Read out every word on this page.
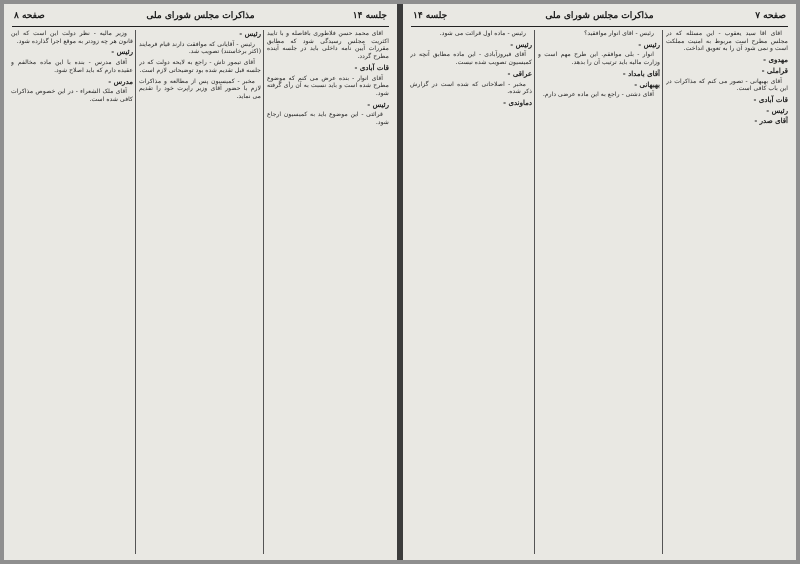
جلسه ۱۴
مذاکرات مجلس شورای ملی
صفحه ۸

آقای محمد حسن فلاطوری بافاصله و با تأیید اکثریت مجلس رسیدگی شود که مطابق مقررات آیین نامه داخلی باید در جلسه آینده مطرح گردد.

قات آبادی -

آقای انوار - بنده عرض می کنم که موضوع مطرح شده است و باید نسبت به آن رأی گرفته شود.

رئیس -

قرائتی - این موضوع باید به کمیسیون ارجاع شود.

رئیس -

رئیس - آقایانی که موافقت دارند قیام فرمایند (اکثر برخاستند) تصویب شد.

آقای تیمور تاش - راجع به لایحه دولت که در جلسه قبل تقدیم شده بود توضیحاتی لازم است.

مخبر - کمیسیون پس از مطالعه و مذاکرات لازم با حضور آقای وزیر راپرت خود را تقدیم می نماید.

وزیر مالیه - نظر دولت این است که این قانون هر چه زودتر به موقع اجرا گذارده شود.

رئیس -

آقای مدرس - بنده با این ماده مخالفم و عقیده دارم که باید اصلاح شود.

مدرس -

آقای ملک الشعراء - در این خصوص مذاکرات کافی شده است.

صفحه ۷
مذاکرات مجلس شورای ملی
جلسه ۱۴

آقای آقا سید یعقوب - این مسئله که در مجلس مطرح است مربوط به امنیت مملکت است و نمی شود آن را به تعویق انداخت.

مهدوی -

قراملی -

آقای بهبهانی - تصور می کنم که مذاکرات در این باب کافی است.

قات آبادی -

رئیس -

آقای صدر -

رئیس - آقای انوار موافقید؟

رئیس -

انوار - بلی موافقم. این طرح مهم است و وزارت مالیه باید ترتیب آن را بدهد.

آقای بامداد -

بهبهانی -

آقای دشتی - راجع به این ماده عرضی دارم.

رئیس - ماده اول قرائت می شود.

رئیس -

آقای فیروزآبادی - این ماده مطابق آنچه در کمیسیون تصویب شده نیست.

عراقی -

مخبر - اصلاحاتی که شده است در گزارش ذکر شده.

دماوندی -
